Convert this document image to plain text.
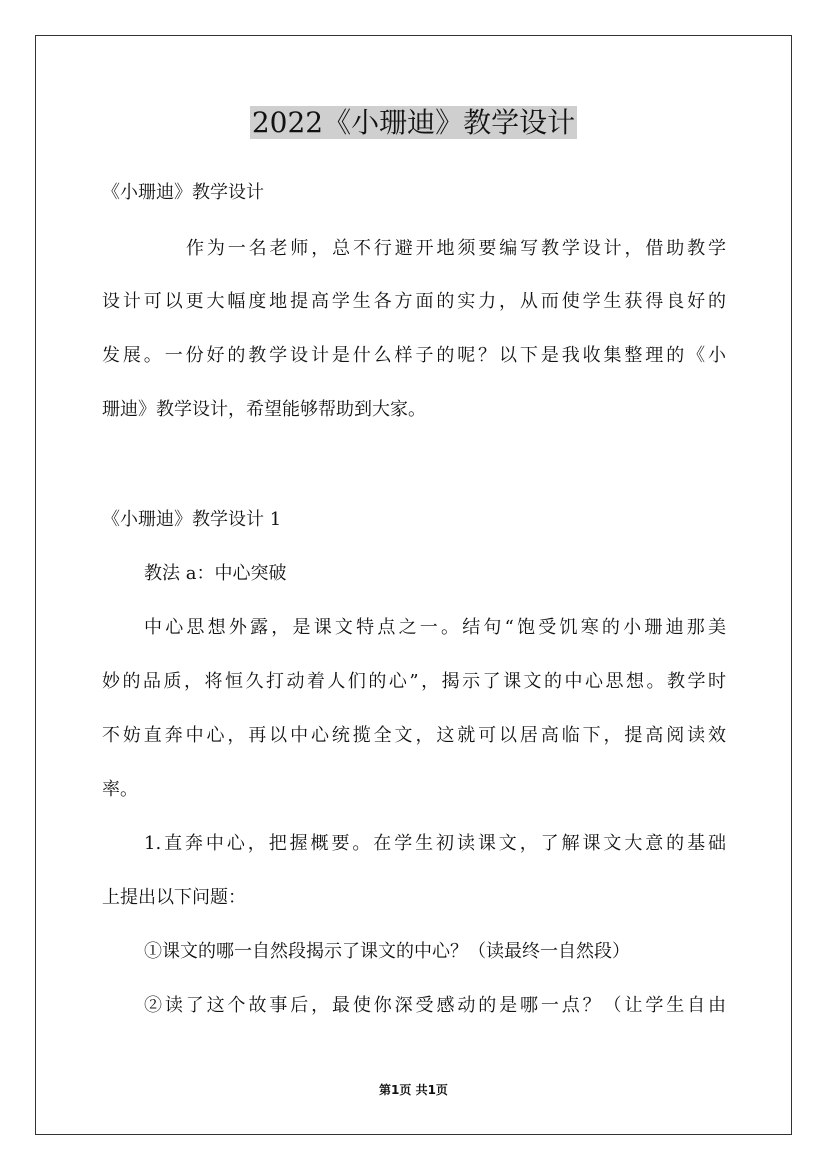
2022《小珊迪》教学设计

《小珊迪》教学设计

作为一名老师，总不行避开地须要编写教学设计，借助教学

设计可以更大幅度地提高学生各方面的实力，从而使学生获得良好的

发展。一份好的教学设计是什么样子的呢？以下是我收集整理的《小

珊迪》教学设计，希望能够帮助到大家。

《小珊迪》教学设计 1

教法 a：中心突破

中心思想外露，是课文特点之一。结句“饱受饥寒的小珊迪那美

妙的品质，将恒久打动着人们的心”，揭示了课文的中心思想。教学时

不妨直奔中心，再以中心统揽全文，这就可以居高临下，提高阅读效

率。

1.直奔中心，把握概要。在学生初读课文，了解课文大意的基础

上提出以下问题：

①课文的哪一自然段揭示了课文的中心？（读最终一自然段）

②读了这个故事后，最使你深受感动的是哪一点？（让学生自由

第1页 共1页
